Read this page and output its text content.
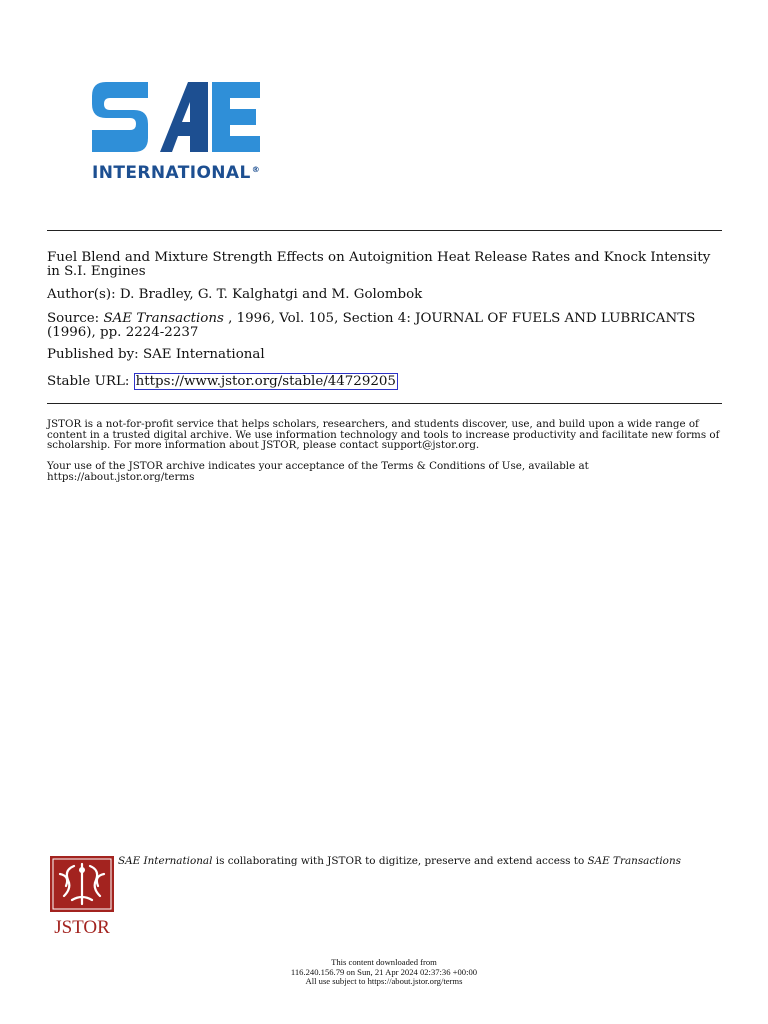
INTERNATIONAL®
Fuel Blend and Mixture Strength Effects on Autoignition Heat Release Rates and Knock Intensity in S.I. Engines
Author(s): D. Bradley, G. T. Kalghatgi and M. Golombok
Source: SAE Transactions , 1996, Vol. 105, Section 4: JOURNAL OF FUELS AND LUBRICANTS (1996), pp. 2224-2237
Published by: SAE International
Stable URL: https://www.jstor.org/stable/44729205
JSTOR is a not-for-profit service that helps scholars, researchers, and students discover, use, and build upon a wide range of content in a trusted digital archive. We use information technology and tools to increase productivity and facilitate new forms of scholarship. For more information about JSTOR, please contact support@jstor.org.
Your use of the JSTOR archive indicates your acceptance of the Terms & Conditions of Use, available at https://about.jstor.org/terms
JSTOR
SAE International is collaborating with JSTOR to digitize, preserve and extend access to SAE Transactions
This content downloaded from
116.240.156.79 on Sun, 21 Apr 2024 02:37:36 +00:00
All use subject to https://about.jstor.org/terms
